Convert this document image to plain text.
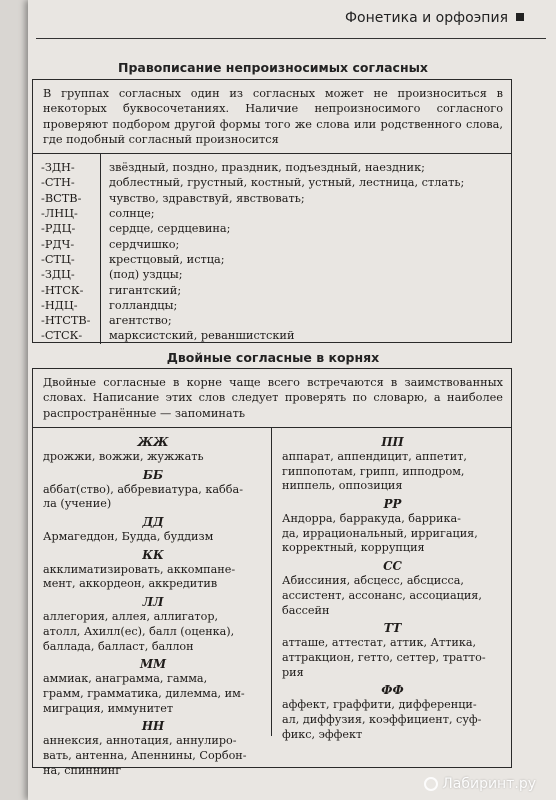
Фонетика и орфоэпия
Правописание непроизносимых согласных
В группах согласных один из согласных может не произноситься в некоторых буквосочетаниях. Наличие непроизносимого согласного проверяют подбором другой формы того же слова или родственного слова, где подобный согласный произносится
-ЗДН-
-СТН-
-ВСТВ-
-ЛНЦ-
-РДЦ-
-РДЧ-
-СТЦ-
-ЗДЦ-
-НТСК-
-НДЦ-
-НТСТВ-
-СТСК-
звёздный, поздно, праздник, подъездный, наездник;
доблестный, грустный, костный, устный, лестница, стлать;
чувство, здравствуй, явствовать;
солнце;
сердце, сердцевина;
сердчишко;
крестцовый, истца;
(под) уздцы;
гигантский;
голландцы;
агентство;
марксистский, реваншистский
Двойные согласные в корнях
Двойные согласные в корне чаще всего встречаются в заимствованных словах. Написание этих слов следует проверять по словарю, а наиболее распространённые — запоминать
ЖЖ
дрожжи, вожжи, жужжать
ББ
аббат(ство), аббревиатура, кабба-
ла (учение)
ДД
Армагеддон, Будда, буддизм
КК
акклиматизировать, аккомпане-
мент, аккордеон, аккредитив
ЛЛ
аллегория, аллея, аллигатор,
атолл, Ахилл(ес), балл (оценка),
баллада, балласт, баллон
ММ
аммиак, анаграмма, гамма,
грамм, грамматика, дилемма, им-
миграция, иммунитет
НН
аннексия, аннотация, аннулиро-
вать, антенна, Апеннины, Сорбон-
на, спиннинг
ПП
аппарат, аппендицит, аппетит,
гиппопотам, грипп, ипподром,
ниппель, оппозиция
РР
Андорра, барракуда, баррика-
да, иррациональный, ирригация,
корректный, коррупция
СС
Абиссиния, абсцесс, абсцисса,
ассистент, ассонанс, ассоциация,
бассейн
ТТ
атташе, аттестат, аттик, Аттика,
аттракцион, гетто, сеттер, тратто-
рия
ФФ
аффект, граффити, дифференци-
ал, диффузия, коэффициент, суф-
фикс, эффект
Лабиринт.ру
